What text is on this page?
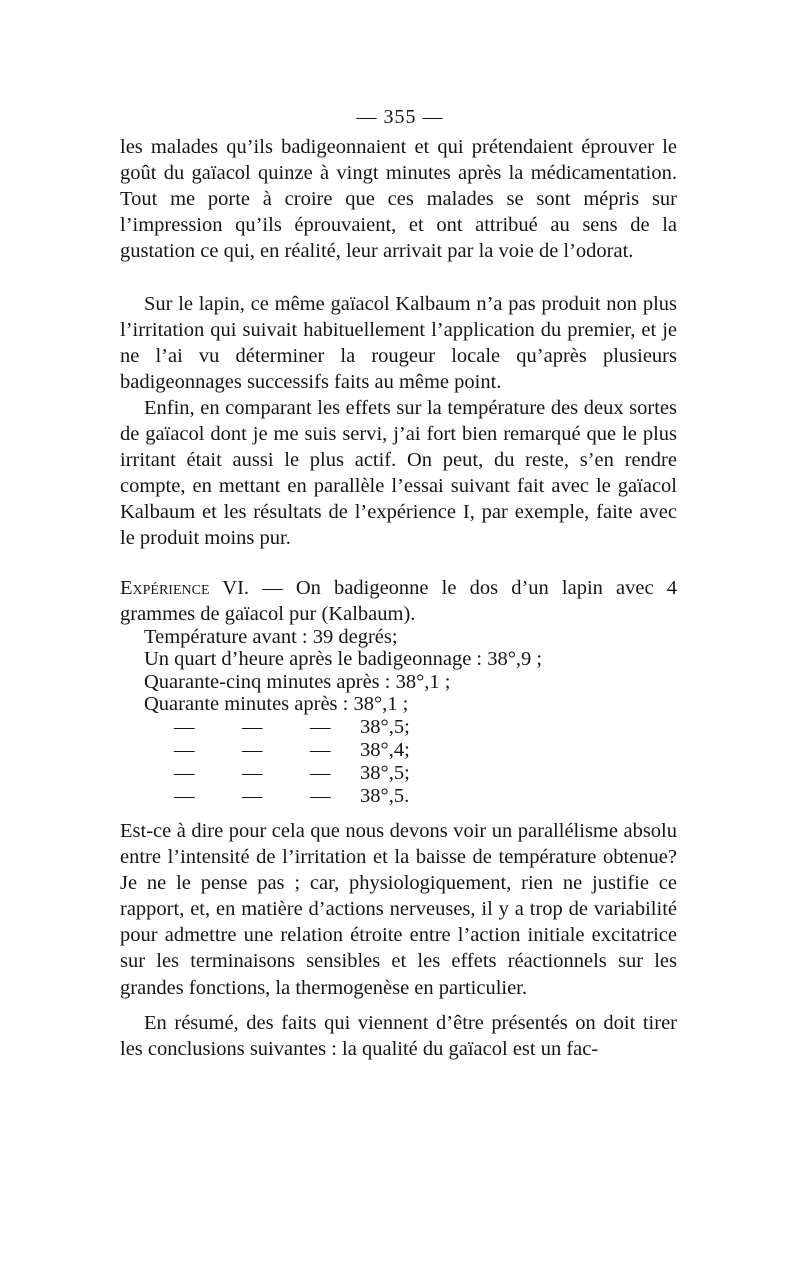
— 355 —

les malades qu’ils badigeonnaient et qui prétendaient éprouver le goût du gaïacol quinze à vingt minutes après la médicamentation. Tout me porte à croire que ces malades se sont mépris sur l’impression qu’ils éprouvaient, et ont attribué au sens de la gustation ce qui, en réalité, leur arrivait par la voie de l’odorat.

Sur le lapin, ce même gaïacol Kalbaum n’a pas produit non plus l’irritation qui suivait habituellement l’application du premier, et je ne l’ai vu déterminer la rougeur locale qu’après plusieurs badigeonnages successifs faits au même point.

Enfin, en comparant les effets sur la température des deux sortes de gaïacol dont je me suis servi, j’ai fort bien remarqué que le plus irritant était aussi le plus actif. On peut, du reste, s’en rendre compte, en mettant en parallèle l’essai suivant fait avec le gaïacol Kalbaum et les résultats de l’expérience I, par exemple, faite avec le produit moins pur.

Expérience VI. — On badigeonne le dos d’un lapin avec 4 grammes de gaïacol pur (Kalbaum).
Température avant : 39 degrés;
Un quart d’heure après le badigeonnage : 38°,9 ;
Quarante-cinq minutes après : 38°,1 ;
Quarante minutes après : 38°,1 ;
— — — 38°,5;
— — — 38°,4;
— — — 38°,5;
— — — 38°,5.

Est-ce à dire pour cela que nous devons voir un parallélisme absolu entre l’intensité de l’irritation et la baisse de température obtenue? Je ne le pense pas ; car, physiologiquement, rien ne justifie ce rapport, et, en matière d’actions nerveuses, il y a trop de variabilité pour admettre une relation étroite entre l’action initiale excitatrice sur les terminaisons sensibles et les effets réactionnels sur les grandes fonctions, la thermogenèse en particulier.

En résumé, des faits qui viennent d’être présentés on doit tirer les conclusions suivantes : la qualité du gaïacol est un fac-
